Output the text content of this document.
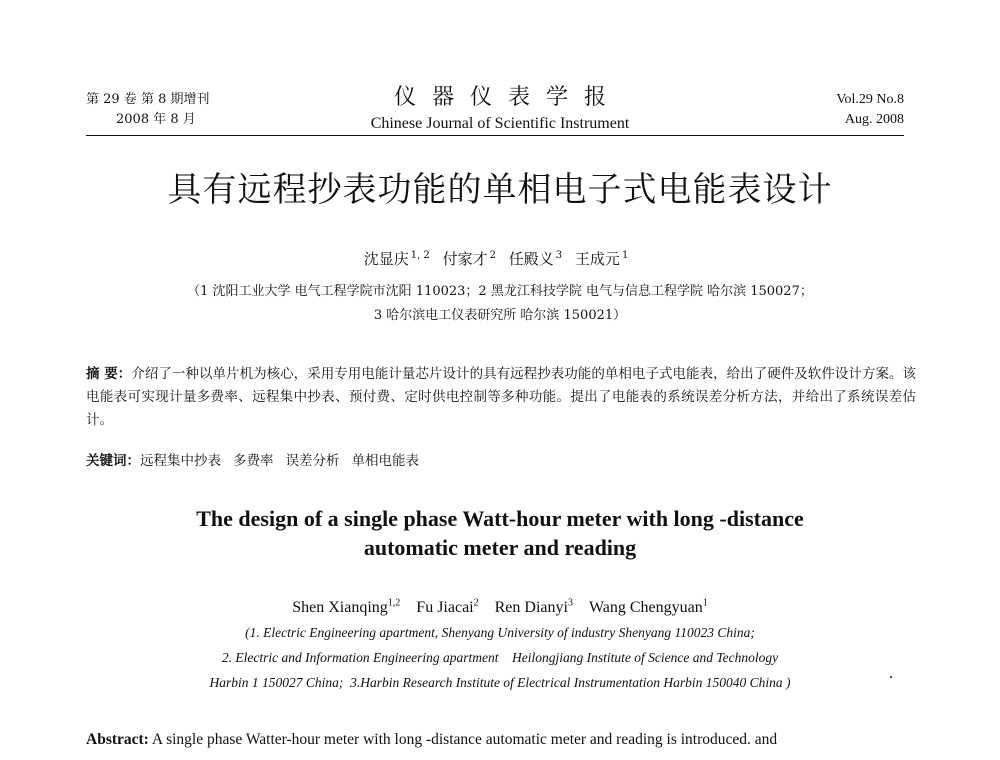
第 29 卷 第 8 期增刊
2008 年 8 月
仪器仪表学报
Chinese Journal of Scientific Instrument
Vol.29 No.8
Aug. 2008
具有远程抄表功能的单相电子式电能表设计
沈显庆 $^{1, 2}$ 付家才 $^2$ 任殿义 $^3$ 王成元 $^1$
（1 沈阳工业大学 电气工程学院市沈阳 110023；2 黑龙江科技学院 电气与信息工程学院 哈尔滨 150027；
3 哈尔滨电工仪表研究所 哈尔滨 150021）
摘 要：介绍了一种以单片机为核心，采用专用电能计量芯片设计的具有远程抄表功能的单相电子式电能表，给出了硬件及软件设计方案。该电能表可实现计量多费率、远程集中抄表、预付费、定时供电控制等多种功能。提出了电能表的系统误差分析方法，并给出了系统误差估计。
关键词：远程集中抄表 多费率 误差分析 单相电能表
The design of a single phase Watt-hour meter with long -distance
automatic meter and reading
Shen Xianqing$^{1,2}$ Fu Jiacai$^2$ Ren Dianyi$^3$ Wang Chengyuan$^1$
(1. Electric Engineering apartment, Shenyang University of industry Shenyang 110023 China;
2. Electric and Information Engineering apartment    Heilongjiang Institute of Science and Technology
Harbin 1 150027 China;  3.Harbin Research Institute of Electrical Instrumentation Harbin 150040 China )
Abstract: A single phase Watter-hour meter with long -distance automatic meter and reading is introduced. and
